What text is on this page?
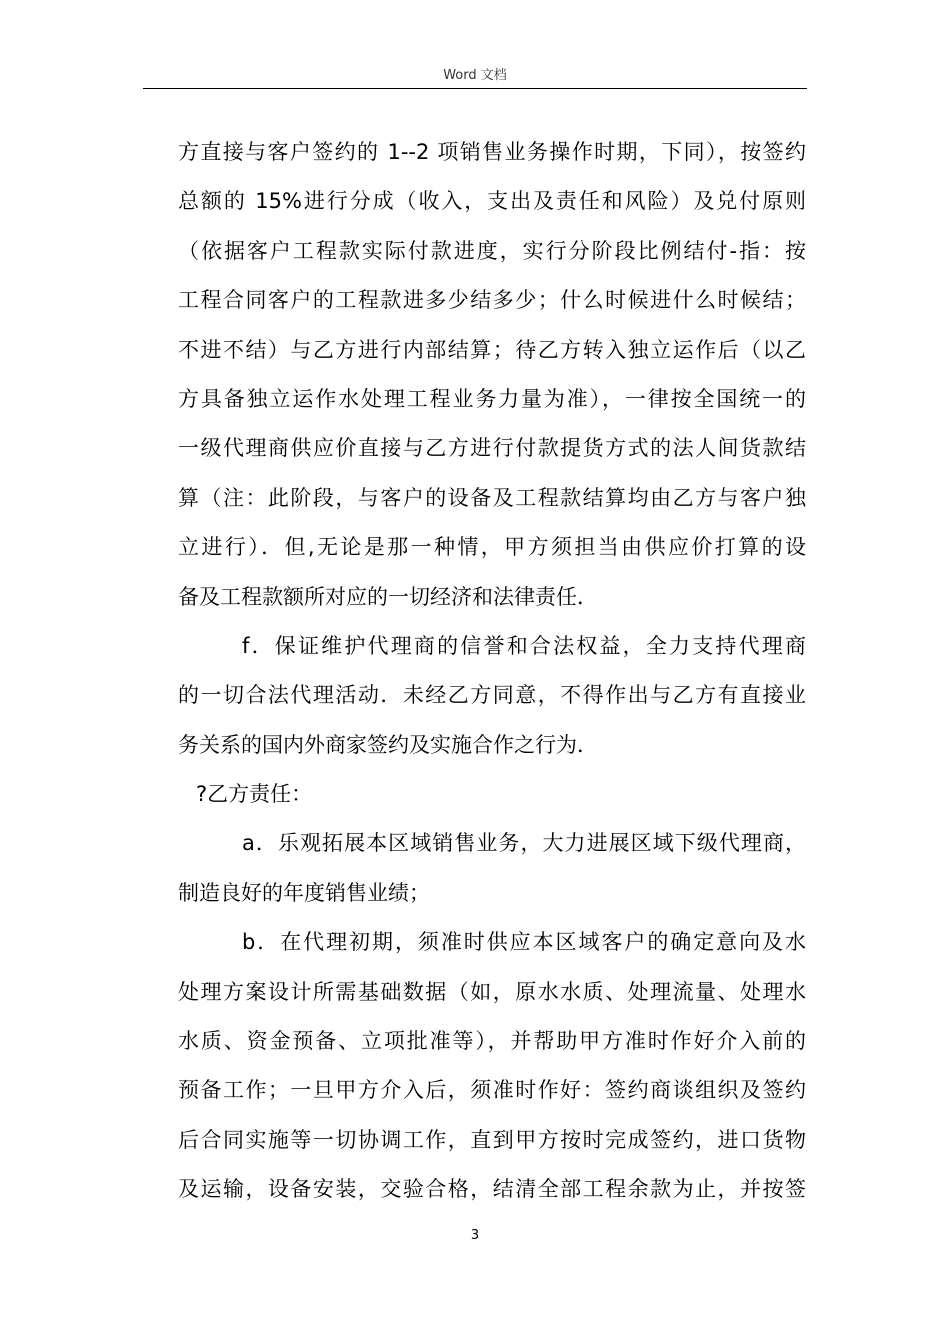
Word 文档
方直接与客户签约的 1--2 项销售业务操作时期，下同），按签约
总额的 15%进行分成（收入，支出及责任和风险）及兑付原则
（依据客户工程款实际付款进度，实行分阶段比例结付-指：按
工程合同客户的工程款进多少结多少；什么时候进什么时候结；
不进不结）与乙方进行内部结算；待乙方转入独立运作后（以乙
方具备独立运作水处理工程业务力量为准），一律按全国统一的
一级代理商供应价直接与乙方进行付款提货方式的法人间货款结
算（注：此阶段，与客户的设备及工程款结算均由乙方与客户独
立进行）．但,无论是那一种情，甲方须担当由供应价打算的设
备及工程款额所对应的一切经济和法律责任．
f．保证维护代理商的信誉和合法权益，全力支持代理商
的一切合法代理活动．未经乙方同意，不得作出与乙方有直接业
务关系的国内外商家签约及实施合作之行为．
?乙方责任：
a．乐观拓展本区域销售业务，大力进展区域下级代理商，
制造良好的年度销售业绩；
b．在代理初期，须准时供应本区域客户的确定意向及水
处理方案设计所需基础数据（如，原水水质、处理流量、处理水
水质、资金预备、立项批准等），并帮助甲方准时作好介入前的
预备工作；一旦甲方介入后，须准时作好：签约商谈组织及签约
后合同实施等一切协调工作，直到甲方按时完成签约，进口货物
及运输，设备安装，交验合格，结清全部工程余款为止，并按签
3
